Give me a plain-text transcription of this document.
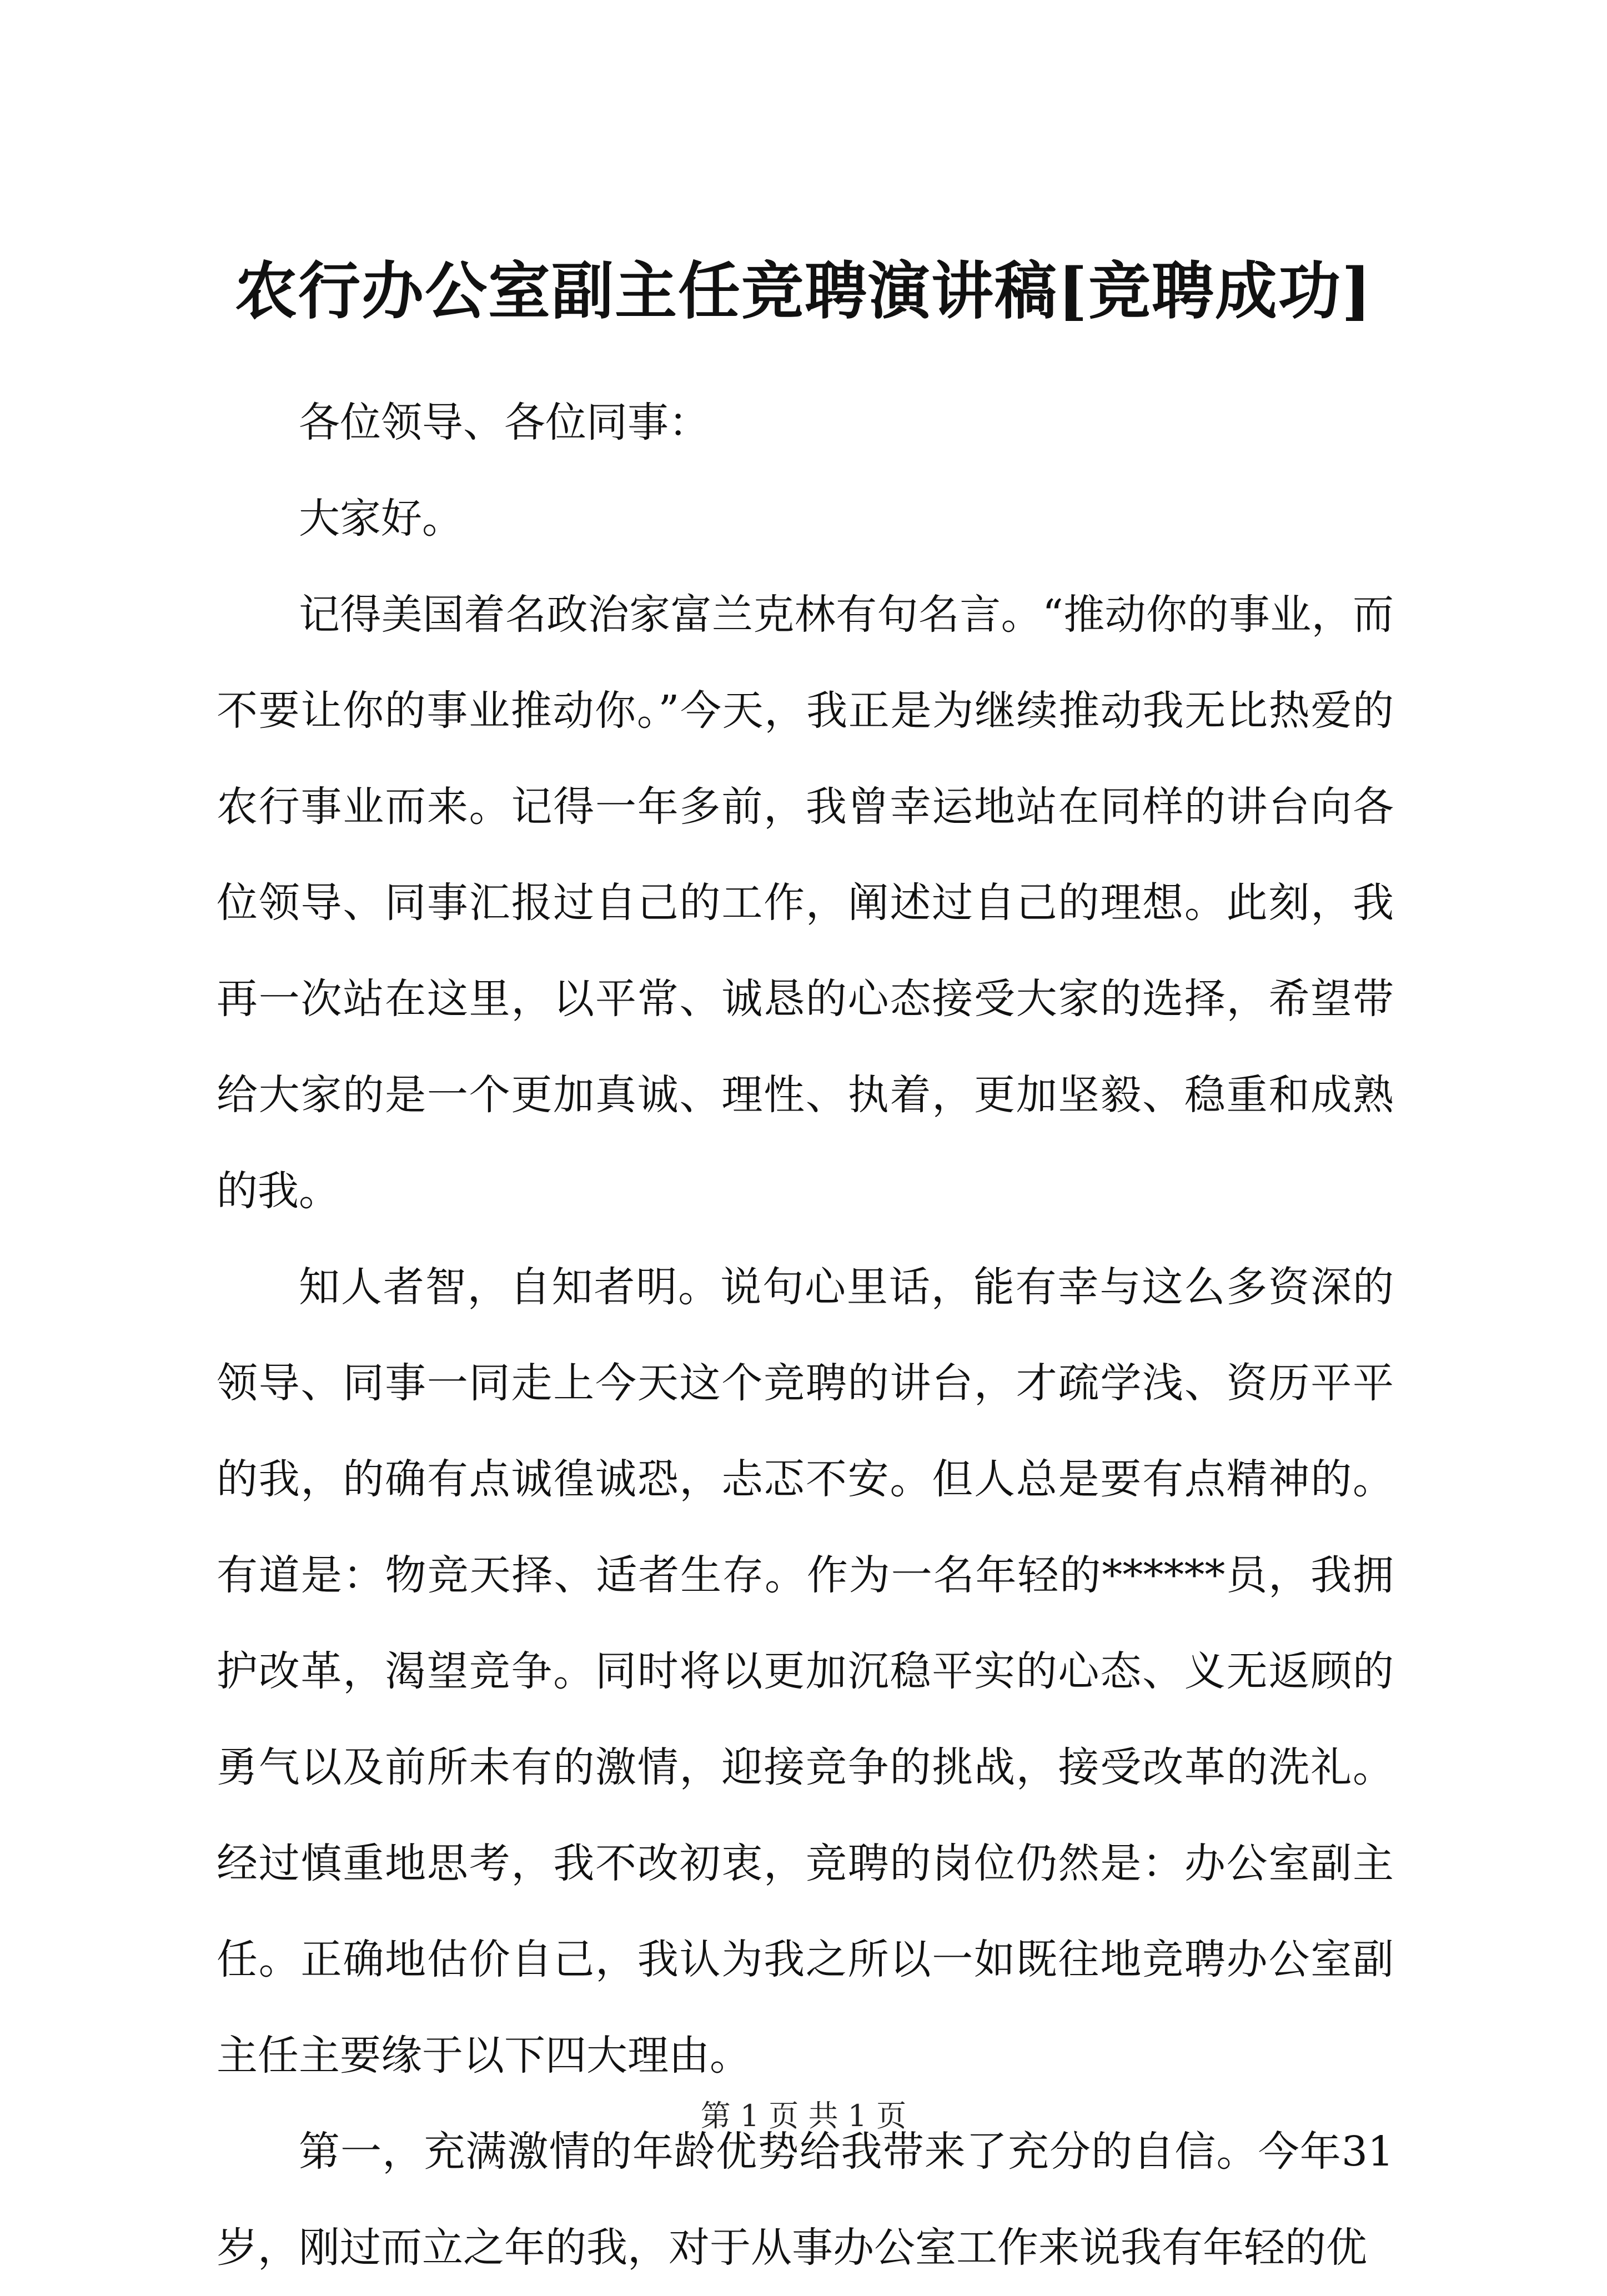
农行办公室副主任竞聘演讲稿[竞聘成功]

各位领导、各位同事：

大家好。

记得美国着名政治家富兰克林有句名言。“推动你的事业，而不要让你的事业推动你。”今天，我正是为继续推动我无比热爱的农行事业而来。记得一年多前，我曾幸运地站在同样的讲台向各位领导、同事汇报过自己的工作，阐述过自己的理想。此刻，我再一次站在这里，以平常、诚恳的心态接受大家的选择，希望带给大家的是一个更加真诚、理性、执着，更加坚毅、稳重和成熟的我。

知人者智，自知者明。说句心里话，能有幸与这么多资深的领导、同事一同走上今天这个竞聘的讲台，才疏学浅、资历平平的我，的确有点诚徨诚恐，忐忑不安。但人总是要有点精神的。有道是：物竞天择、适者生存。作为一名年轻的******员，我拥护改革，渴望竞争。同时将以更加沉稳平实的心态、义无返顾的勇气以及前所未有的激情，迎接竞争的挑战，接受改革的洗礼。经过慎重地思考，我不改初衷，竞聘的岗位仍然是：办公室副主任。正确地估价自己，我认为我之所以一如既往地竞聘办公室副主任主要缘于以下四大理由。

第一，充满激情的年龄优势给我带来了充分的自信。今年31岁，刚过而立之年的我，对于从事办公室工作来说我有年轻的优

第 1 页 共 1 页
